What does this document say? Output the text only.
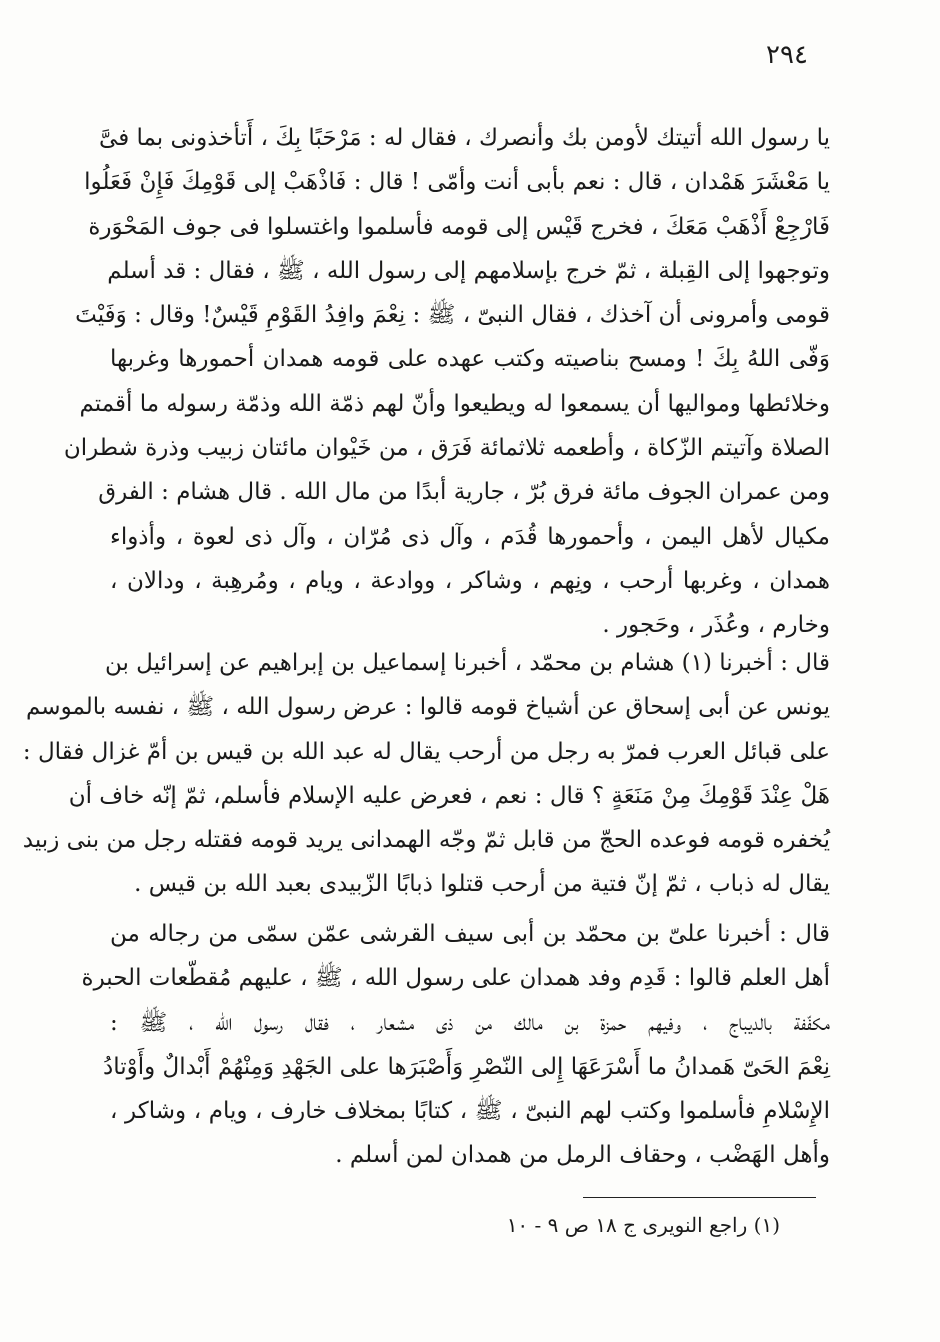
٢٩٤
يا رسول الله أتيتك لأومن بك وأنصرك ، فقال له : مَرْحَبًا بِكَ ، أَتأخذونى بما فىَّ
يا مَعْشَرَ هَمْدان ، قال : نعم بأبى أنت وأمّى ! قال : فَاذْهَبْ إلى قَوْمِكَ فَإِنْ فَعَلُوا
فَارْجِعْ أَذْهَبْ مَعَكَ ، فخرج قَيْس إلى قومه فأسلموا واغتسلوا فى جوف المَحْوَرة
وتوجهوا إلى القِبلة ، ثمّ خرج بإسلامهم إلى رسول الله ، ﷺ ، فقال : قد أسلم
قومى وأمرونى أن آخذك ، فقال النبىّ ، ﷺ : نِعْمَ وافِدُ القَوْمِ قَيْسٌ! وقال : وَفَيْتَ
وَفّى اللهُ بِكَ ! ومسح بناصيته وكتب عهده على قومه همدان أحمورها وغربها
وخلائطها ومواليها أن يسمعوا له ويطيعوا وأنّ لهم ذمّة الله وذمّة رسوله ما أقمتم
الصلاة وآتيتم الزّكاة ، وأطعمه ثلاثمائة فَرَق ، من خَيْوان مائتان زبيب وذرة شطران
ومن عمران الجوف مائة فرق بُرّ ، جارية أبدًا من مال الله . قال هشام : الفرق
مكيال لأهل اليمن ، وأحمورها قُدَم ، وآل ذى مُرّان ، وآل ذى لعوة ، وأذواء
همدان ، وغربها أرحب ، ونِهم ، وشاكر ، ووادعة ، ويام ، ومُرهِبة ، ودالان ،
وخارم ، وعُذَر ، وحَجور .
قال : أخبرنا (١) هشام بن محمّد ، أخبرنا إسماعيل بن إبراهيم عن إسرائيل بن
يونس عن أبى إسحاق عن أشياخ قومه قالوا : عرض رسول الله ، ﷺ ، نفسه بالموسم
على قبائل العرب فمرّ به رجل من أرحب يقال له عبد الله بن قيس بن أمّ غزال فقال :
هَلْ عِنْدَ قَوْمِكَ مِنْ مَنَعَةٍ ؟ قال : نعم ، فعرض عليه الإسلام فأسلم، ثمّ إنّه خاف أن
يُخفره قومه فوعده الحجّ من قابل ثمّ وجّه الهمدانى يريد قومه فقتله رجل من بنى زبيد
يقال له ذباب ، ثمّ إنّ فتية من أرحب قتلوا ذبابًا الزّبيدى بعبد الله بن قيس .
قال : أخبرنا علىّ بن محمّد بن أبى سيف القرشى عمّن سمّى من رجاله من
أهل العلم قالوا : قَدِم وفد همدان على رسول الله ، ﷺ ، عليهم مُقطّعات الحبرة
مكفّفة بالديباج ، وفيهم حمزة بن مالك من ذى مشعار ، فقال رسول الله ، ﷺ :
نِعْمَ الحَىّ هَمدانُ ما أَسْرَعَهَا إِلى النّصْرِ وَأَصْبَرَها على الجَهْدِ وَمِنْهُمْ أَبْدالٌ وأَوْتادُ
الإِسْلامِ فأسلموا وكتب لهم النبىّ ، ﷺ ، كتابًا بمخلاف خارف ، ويام ، وشاكر ،
وأهل الهَضْب ، وحقاف الرمل من همدان لمن أسلم .
(١) راجع النويرى ج ١٨ ص ٩ - ١٠
